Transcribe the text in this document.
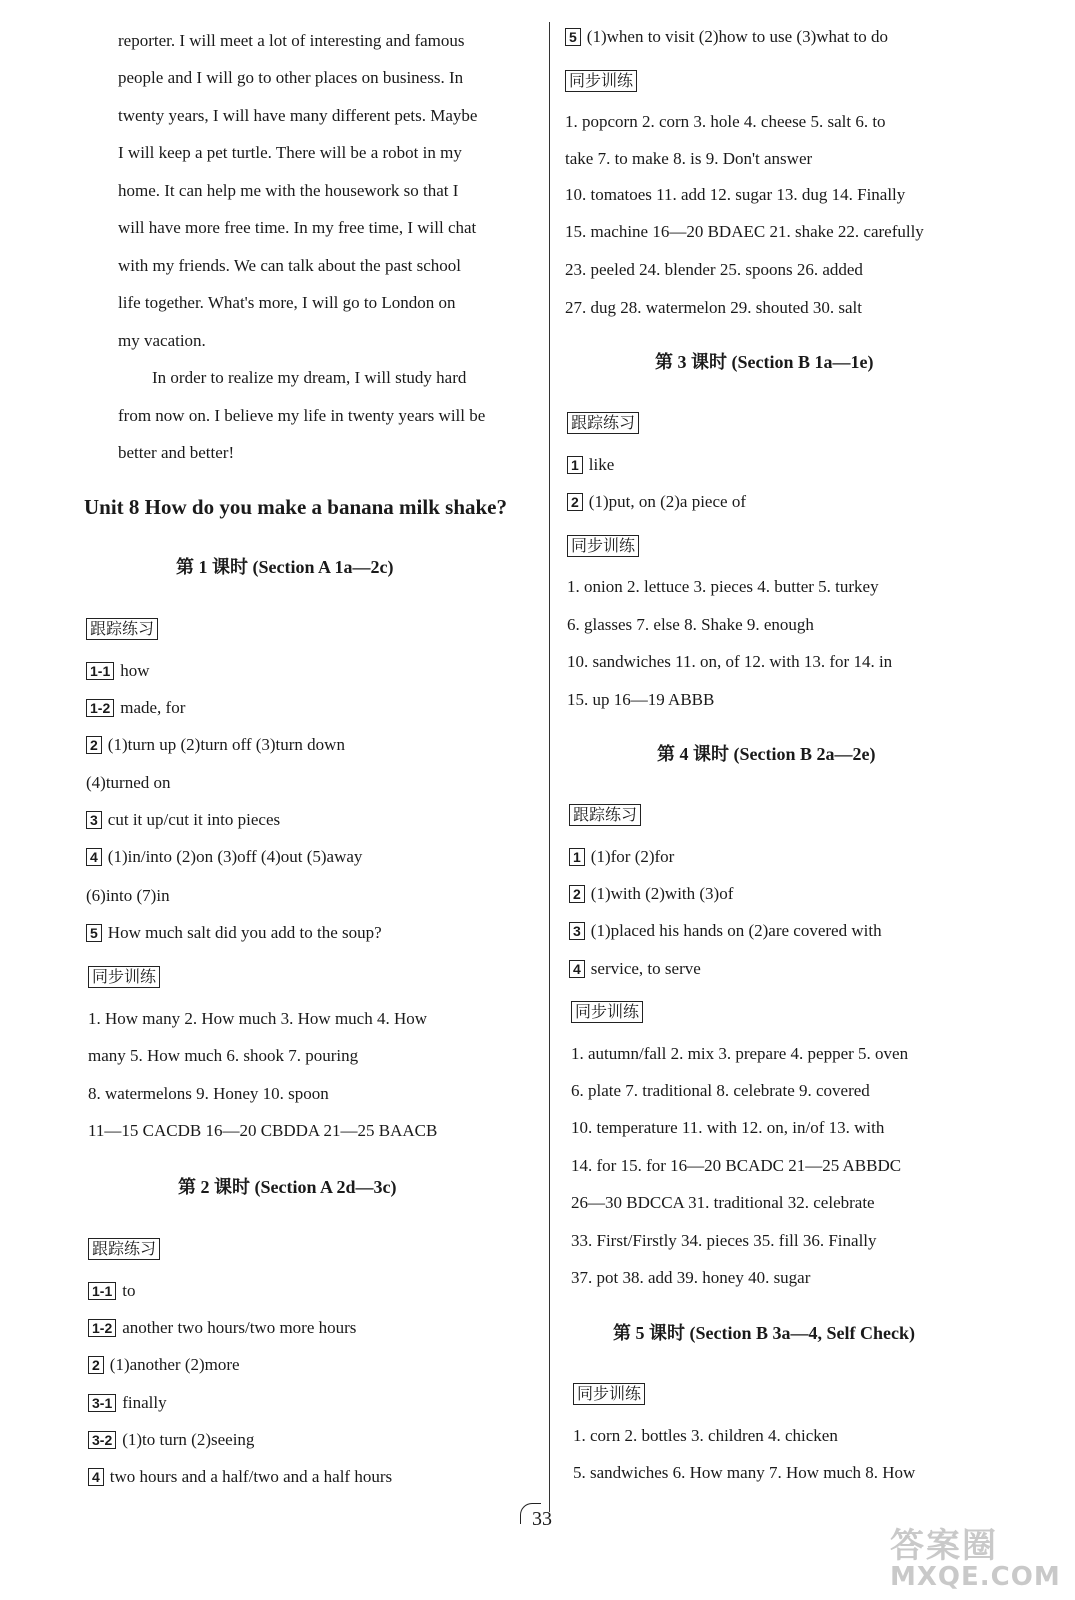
reporter. I will meet a lot of interesting and famous
people and I will go to other places on business. In
twenty years, I will have many different pets. Maybe
I will keep a pet turtle. There will be a robot in my
home. It can help me with the housework so that I
will have more free time. In my free time, I will chat
with my friends. We can talk about the past school
life together. What's more, I will go to London on
my vacation.
In order to realize my dream, I will study hard
from now on. I believe my life in twenty years will be
better and better!
Unit 8 How do you make a banana milk shake?
第 1 课时 (Section A 1a—2c)
跟踪练习
1-1 how
1-2 made, for
2 (1)turn up (2)turn off (3)turn down
(4)turned on
3 cut it up/cut it into pieces
4 (1)in/into (2)on (3)off (4)out (5)away
(6)into (7)in
5 How much salt did you add to the soup?
同步训练
1. How many 2. How much 3. How much 4. How
many 5. How much 6. shook 7. pouring
8. watermelons 9. Honey 10. spoon
11—15 CACDB 16—20 CBDDA 21—25 BAACB
第 2 课时 (Section A 2d—3c)
跟踪练习
1-1 to
1-2 another two hours/two more hours
2 (1)another (2)more
3-1 finally
3-2 (1)to turn (2)seeing
4 two hours and a half/two and a half hours
5 (1)when to visit (2)how to use (3)what to do
同步训练
1. popcorn 2. corn 3. hole 4. cheese 5. salt 6. to
take 7. to make 8. is 9. Don't answer
10. tomatoes 11. add 12. sugar 13. dug 14. Finally
15. machine 16—20 BDAEC 21. shake 22. carefully
23. peeled 24. blender 25. spoons 26. added
27. dug 28. watermelon 29. shouted 30. salt
第 3 课时 (Section B 1a—1e)
跟踪练习
1 like
2 (1)put, on (2)a piece of
同步训练
1. onion 2. lettuce 3. pieces 4. butter 5. turkey
6. glasses 7. else 8. Shake 9. enough
10. sandwiches 11. on, of 12. with 13. for 14. in
15. up 16—19 ABBB
第 4 课时 (Section B 2a—2e)
跟踪练习
1 (1)for (2)for
2 (1)with (2)with (3)of
3 (1)placed his hands on (2)are covered with
4 service, to serve
同步训练
1. autumn/fall 2. mix 3. prepare 4. pepper 5. oven
6. plate 7. traditional 8. celebrate 9. covered
10. temperature 11. with 12. on, in/of 13. with
14. for 15. for 16—20 BCADC 21—25 ABBDC
26—30 BDCCA 31. traditional 32. celebrate
33. First/Firstly 34. pieces 35. fill 36. Finally
37. pot 38. add 39. honey 40. sugar
第 5 课时 (Section B 3a—4, Self Check)
同步训练
1. corn 2. bottles 3. children 4. chicken
5. sandwiches 6. How many 7. How much 8. How
33
答案圈
MXQE.COM
